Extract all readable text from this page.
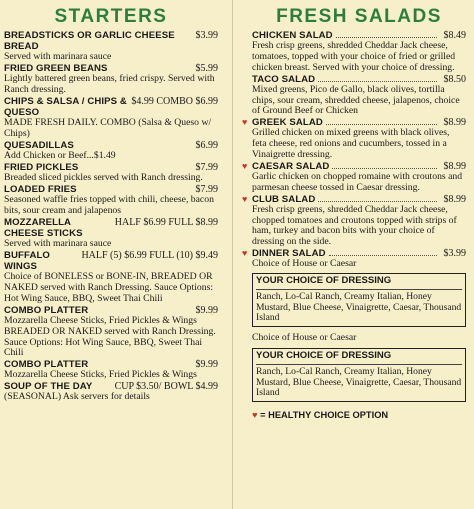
STARTERS
BREADSTICKS OR GARLIC CHEESE BREAD
$3.99
Served with marinara sauce
FRIED GREEN BEANS	$5.99
Lightly battered green beans, fried crispy. Served with Ranch dressing.
CHIPS & SALSA / CHIPS & QUESO
$4.99 COMBO $6.99
MADE FRESH DAILY. COMBO (Salsa & Queso w/ Chips)
QUESADILLAS	$6.99
Add Chicken or Beef...$1.49
FRIED PICKLES	$7.99
Breaded sliced pickles served with Ranch dressing.
LOADED FRIES	$7.99
Seasoned waffle fries topped with chili, cheese, bacon bits, sour cream and jalapenos
MOZZARELLA CHEESE STICKS
HALF $6.99 FULL $8.99
Served with marinara sauce
BUFFALO WINGS
HALF (5) $6.99 FULL (10) $9.49
Choice of BONELESS or BONE-IN, BREADED OR NAKED served with Ranch Dressing. Sauce Options: Hot Wing Sauce, BBQ, Sweet Thai Chili
COMBO PLATTER	$9.99
Mozzarella Cheese Sticks, Fried Pickles & Wings
BREADED OR NAKED served with Ranch Dressing. Sauce Options: Hot Wing Sauce, BBQ, Sweet Thai Chili
COMBO PLATTER	$9.99
Mozzarella Cheese Sticks, Fried Pickles & Wings
SOUP OF THE DAY CUP $3.50/ BOWL $4.99
(SEASONAL) Ask servers for details
FRESH SALADS
CHICKEN SALAD	$8.49
Fresh crisp greens, shredded Cheddar Jack cheese, tomatoes, topped with your choice of fried or grilled chicken breast. Served with your choice of dressing.
TACO SALAD	$8.50
Mixed greens, Pico de Gallo, black olives, tortilla chips, sour cream, shredded cheese, jalapenos, choice of Ground Beef or Chicken
♥ GREEK SALAD	$8.99
Grilled chicken on mixed greens with black olives, feta cheese, red onions and cucumbers, tossed in a Vinaigrette dressing.
♥ CAESAR SALAD	$8.99
Garlic chicken on chopped romaine with croutons and parmesan cheese tossed in Caesar dressing.
♥ CLUB SALAD	$8.99
Fresh crisp greens, shredded Cheddar Jack cheese, chopped tomatoes and croutons topped with strips of ham, turkey and bacon bits with your choice of dressing on the side.
♥ DINNER SALAD	$3.99
Choice of House or Caesar
YOUR CHOICE OF DRESSING
Ranch, Lo-Cal Ranch, Creamy Italian, Honey Mustard, Blue Cheese, Vinaigrette, Caesar, Thousand Island
Choice of House or Caesar
YOUR CHOICE OF DRESSING
Ranch, Lo-Cal Ranch, Creamy Italian, Honey Mustard, Blue Cheese, Vinaigrette, Caesar, Thousand Island
♥ = HEALTHY CHOICE OPTION
